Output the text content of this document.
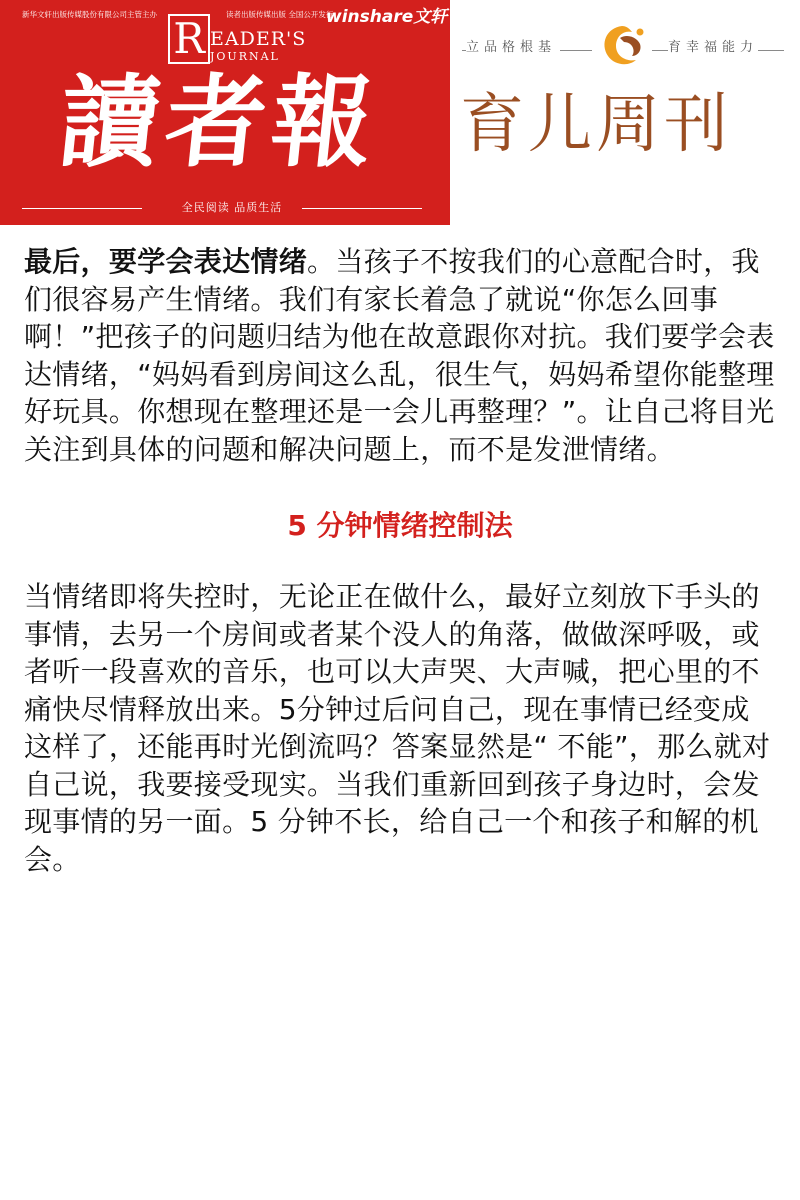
新华文轩出版传媒股份有限公司主管主办	读者出版传媒出版 全国公开发行
winshare文轩
R EADER'S
JOURNAL
讀者報
全民阅读 品质生活
立品格根基	育幸福能力
育儿周刊

最后，要学会表达情绪。当孩子不按我们的心意配合时，我们很容易产生情绪。我们有家长着急了就说“你怎么回事啊！”把孩子的问题归结为他在故意跟你对抗。我们要学会表达情绪，“妈妈看到房间这么乱，很生气，妈妈希望你能整理好玩具。你想现在整理还是一会儿再整理？”。让自己将目光关注到具体的问题和解决问题上，而不是发泄情绪。

5 分钟情绪控制法

当情绪即将失控时，无论正在做什么，最好立刻放下手头的事情，去另一个房间或者某个没人的角落，做做深呼吸，或者听一段喜欢的音乐，也可以大声哭、大声喊，把心里的不痛快尽情释放出来。5分钟过后问自己，现在事情已经变成这样了，还能再时光倒流吗？答案显然是“ 不能”，那么就对自己说，我要接受现实。当我们重新回到孩子身边时，会发现事情的另一面。5 分钟不长，给自己一个和孩子和解的机会。
